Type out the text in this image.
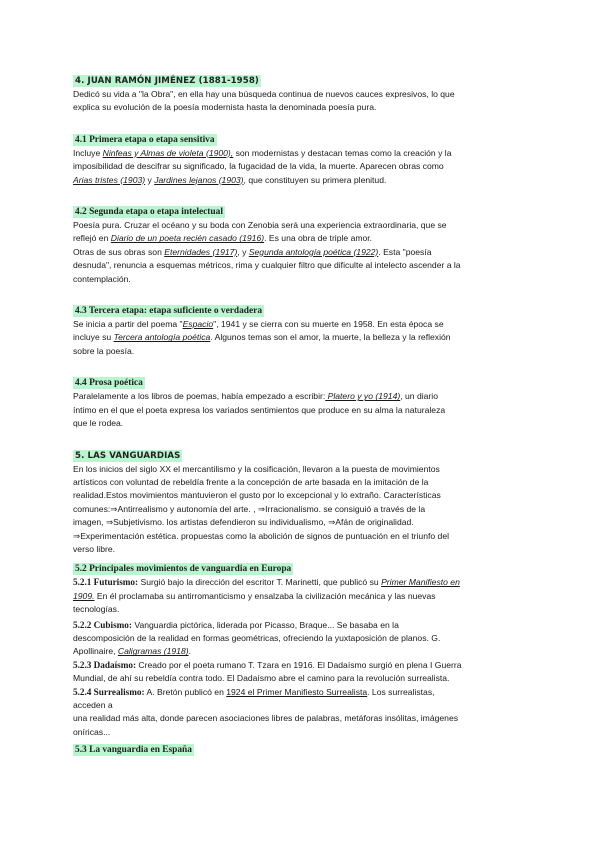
4. JUAN RAMÓN JIMÉNEZ (1881-1958)

Dedicó su vida a "la Obra", en ella hay una búsqueda continua de nuevos cauces expresivos, lo que
explica su evolución de la poesía modernista hasta la denominada poesía pura.

4.1 Primera etapa o etapa sensitiva

Incluye Ninfeas y Almas de violeta (1900), son modernistas y destacan temas como la creación y la
imposibilidad de descifrar su significado, la fugacidad de la vida, la muerte. Aparecen obras como
Arias tristes (1903) y Jardines lejanos (1903), que constituyen su primera plenitud.

4.2 Segunda etapa o etapa intelectual

Poesía pura. Cruzar el océano y su boda con Zenobia será una experiencia extraordinaria, que se
reflejó en Diario de un poeta recién casado (1916). Es una obra de triple amor.
Otras de sus obras son Eternidades (1917), y Segunda antología poética (1922). Esta "poesía
desnuda", renuncia a esquemas métricos, rima y cualquier filtro que dificulte al intelecto ascender a la
contemplación.

4.3 Tercera etapa: etapa suficiente o verdadera

Se inicia a partir del poema "Espacio", 1941 y se cierra con su muerte en 1958. En esta época se
incluye su Tercera antología poética. Algunos temas son el amor, la muerte, la belleza y la reflexión
sobre la poesía.

4.4 Prosa poética

Paralelamente a los libros de poemas, había empezado a escribir: Platero y yo (1914), un diario
íntimo en el que el poeta expresa los variados sentimientos que produce en su alma la naturaleza
que le rodea.

5. LAS VANGUARDIAS

En los inicios del siglo XX el mercantilismo y la cosificación, llevaron a la puesta de movimientos
artísticos con voluntad de rebeldía frente a la concepción de arte basada en la imitación de la
realidad.Estos movimientos mantuvieron el gusto por lo excepcional y lo extraño. Características
comunes:⇒Antirrealismo y autonomía del arte. , ⇒Irracionalismo. se consiguió a través de la
imagen, ⇒Subjetivismo. los artistas defendieron su individualismo, ⇒Afán de originalidad.
⇒Experimentación estética. propuestas como la abolición de signos de puntuación en el triunfo del
verso libre.

5.2 Principales movimientos de vanguardia en Europa

5.2.1 Futurismo: Surgió bajo la dirección del escritor T. Marinetti, que publicó su Primer Manifiesto en
1909. En él proclamaba su antirromanticismo y ensalzaba la civilización mecánica y las nuevas
tecnologías.

5.2.2 Cubismo: Vanguardia pictórica, liderada por Picasso, Braque... Se basaba en la
descomposición de la realidad en formas geométricas, ofreciendo la yuxtaposición de planos. G.
Apollinaire, Caligramas (1918).

5.2.3 Dadaísmo: Creado por el poeta rumano T. Tzara en 1916. El Dadaísmo surgió en plena I Guerra
Mundial, de ahí su rebeldía contra todo. El Dadaísmo abre el camino para la revolución surrealista.

5.2.4 Surrealismo: A. Bretón publicó en 1924 el Primer Manifiesto Surrealista. Los surrealistas,
acceden a
una realidad más alta, donde parecen asociaciones libres de palabras, metáforas insólitas, imágenes
oníricas...

5.3 La vanguardia en España
